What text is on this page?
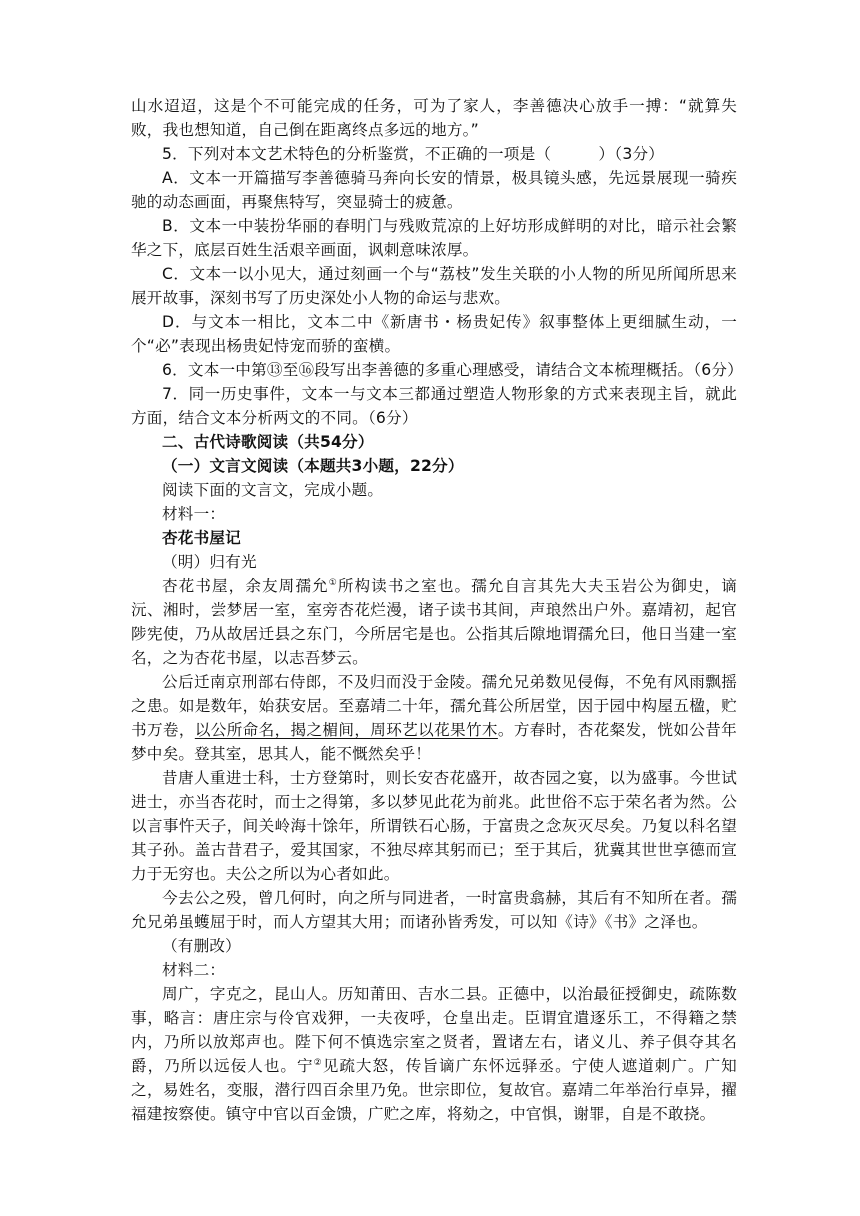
山水迢迢，这是个不可能完成的任务，可为了家人，李善德决心放手一搏：“就算失败，我也想知道，自己倒在距离终点多远的地方。”

5．下列对本文艺术特色的分析鉴赏，不正确的一项是（　　　）（3分）

A．文本一开篇描写李善德骑马奔向长安的情景，极具镜头感，先远景展现一骑疾驰的动态画面，再聚焦特写，突显骑士的疲惫。

B．文本一中装扮华丽的春明门与残败荒凉的上好坊形成鲜明的对比，暗示社会繁华之下，底层百姓生活艰辛画面，讽刺意味浓厚。

C．文本一以小见大，通过刻画一个与“荔枝”发生关联的小人物的所见所闻所思来展开故事，深刻书写了历史深处小人物的命运与悲欢。

D．与文本一相比，文本二中《新唐书・杨贵妃传》叙事整体上更细腻生动，一个“必”表现出杨贵妃恃宠而骄的蛮横。

6．文本一中第⑬至⑯段写出李善德的多重心理感受，请结合文本梳理概括。（6分）

7．同一历史事件，文本一与文本三都通过塑造人物形象的方式来表现主旨，就此方面，结合文本分析两文的不同。（6分）

二、古代诗歌阅读（共54分）

（一）文言文阅读（本题共3小题，22分）

阅读下面的文言文，完成小题。

材料一：

杏花书屋记

（明）归有光

杏花书屋，余友周孺允①所构读书之室也。孺允自言其先大夫玉岩公为御史，谪沅、湘时，尝梦居一室，室旁杏花烂漫，诸子读书其间，声琅然出户外。嘉靖初，起官陟宪使，乃从故居迁县之东门，今所居宅是也。公指其后隙地谓孺允曰，他日当建一室名，之为杏花书屋，以志吾梦云。

公后迁南京刑部右侍郎，不及归而没于金陵。孺允兄弟数见侵侮，不免有风雨飘摇之患。如是数年，始获安居。至嘉靖二十年，孺允葺公所居堂，因于园中构屋五楹，贮书万卷，以公所命名，揭之楣间，周环艺以花果竹木。方春时，杏花粲发，恍如公昔年梦中矣。登其室，思其人，能不慨然矣乎！

昔唐人重进士科，士方登第时，则长安杏花盛开，故杏园之宴，以为盛事。今世试进士，亦当杏花时，而士之得第，多以梦见此花为前兆。此世俗不忘于荣名者为然。公以言事忤天子，间关岭海十馀年，所谓铁石心肠，于富贵之念灰灭尽矣。乃复以科名望其子孙。盖古昔君子，爱其国家，不独尽瘁其躬而已；至于其后，犹冀其世世享德而宣力于无穷也。夫公之所以为心者如此。

今去公之殁，曾几何时，向之所与同进者，一时富贵翕赫，其后有不知所在者。孺允兄弟虽蠖屈于时，而人方望其大用；而诸孙皆秀发，可以知《诗》《书》之泽也。

（有删改）

材料二：

周广，字克之，昆山人。历知莆田、吉水二县。正德中，以治最征授御史，疏陈数事，略言：唐庄宗与伶官戏狎，一夫夜呼，仓皇出走。臣谓宜遣逐乐工，不得籍之禁内，乃所以放郑声也。陛下何不慎选宗室之贤者，置诸左右，诸义儿、养子俱夺其名爵，乃所以远佞人也。宁②见疏大怒，传旨谪广东怀远驿丞。宁使人遮道刺广。广知之，易姓名，变服，潜行四百余里乃免。世宗即位，复故官。嘉靖二年举治行卓异，擢福建按察使。镇守中官以百金馈，广贮之库，将劾之，中官惧，谢罪，自是不敢挠。
